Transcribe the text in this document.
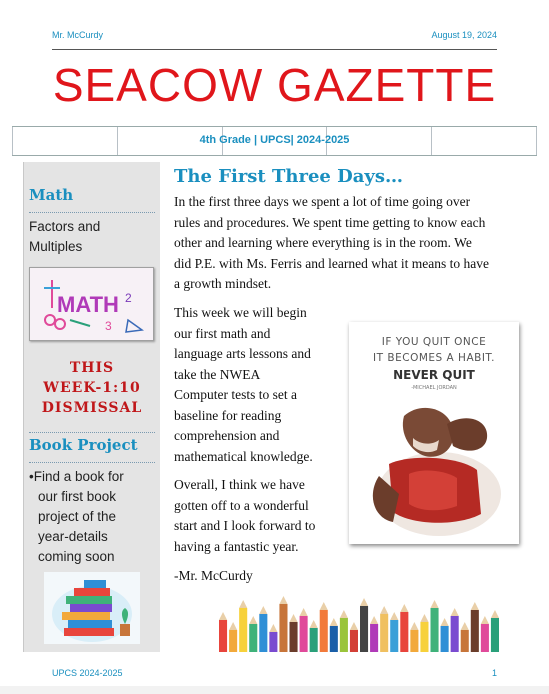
Mr. McCurdy	August 19, 2024
SEACOW GAZETTE
4th Grade | UPCS| 2024-2025
Math
Factors and
Multiples
MATH 2
3
THIS
WEEK-1:10
DISMISSAL
Book Project
•Find a book for
our first book
project of the
year-details
coming soon
The First Three Days…
In the first three days we spent a lot of time going over
rules and procedures. We spent time getting to know each
other and learning where everything is in the room. We
did P.E. with Ms. Ferris and learned what it means to have
a growth mindset.
This week we will begin
our first math and
language arts lessons and
take the NWEA
Computer tests to set a
baseline for reading
comprehension and
mathematical knowledge.
Overall, I think we have
gotten off to a wonderful
start and I look forward to
having a fantastic year.
-Mr. McCurdy
IF YOU QUIT ONCE
IT BECOMES A HABIT.
NEVER QUIT
-MICHAEL JORDAN
UPCS 2024-2025	1
